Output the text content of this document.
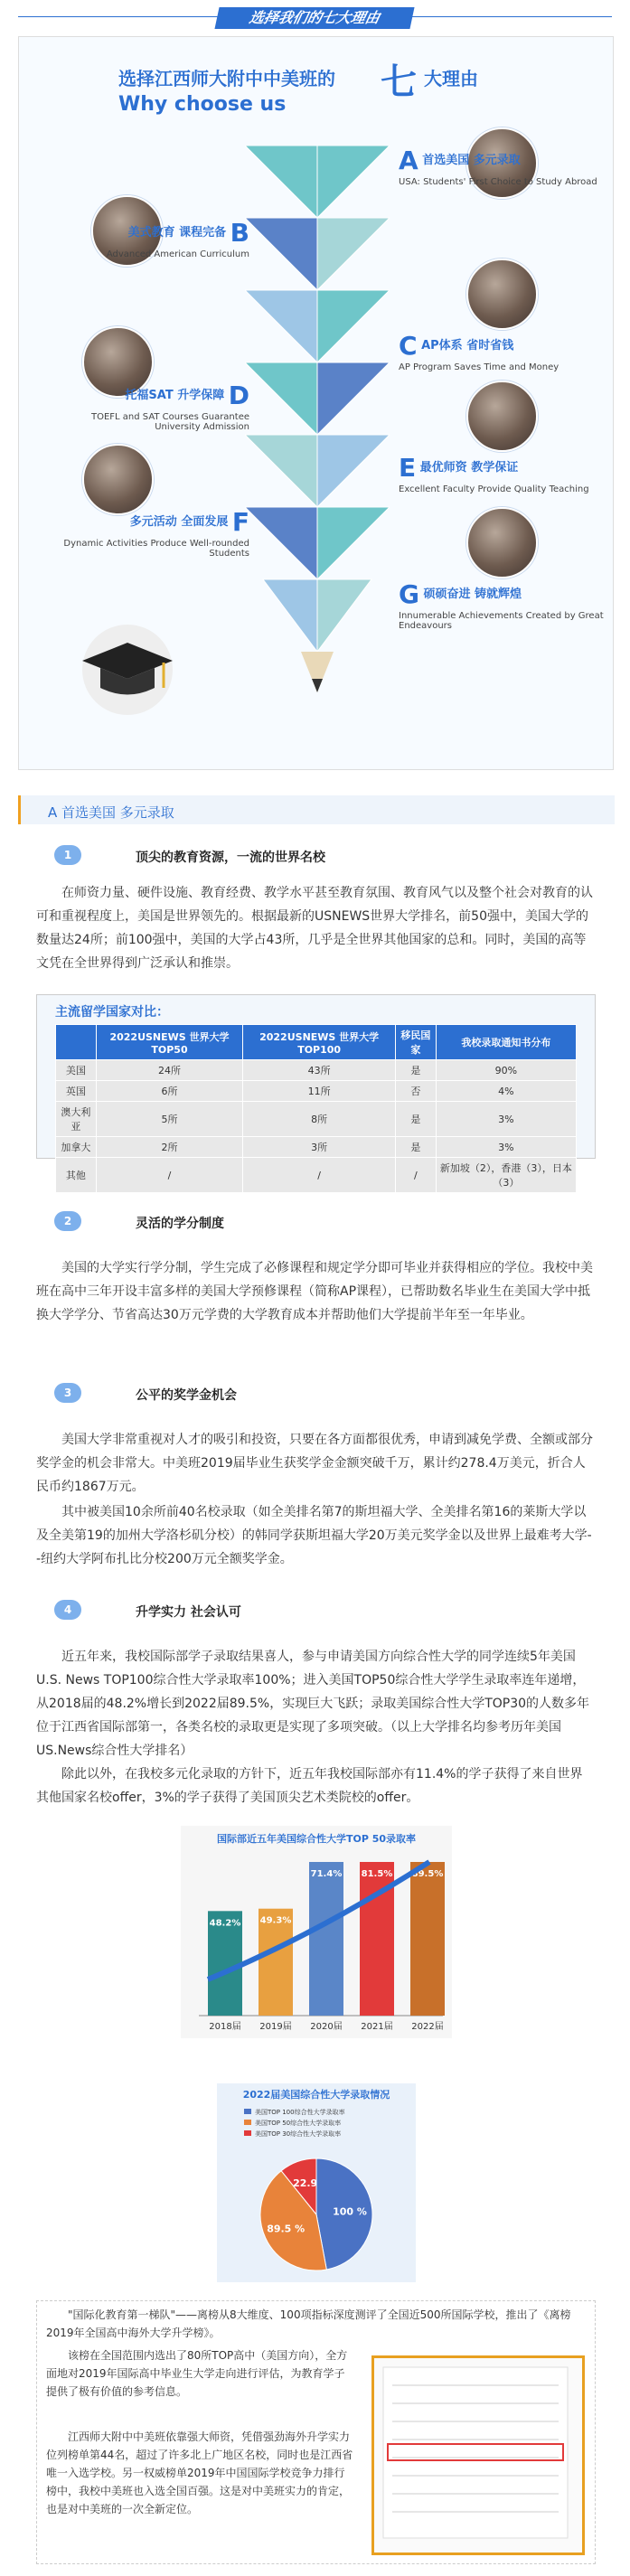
选择我们的七大理由
选择江西师大附中中美班的 七 大理由
Why choose us
A 首选美国 多元录取
USA: Students' First Choice to Study Abroad
美式教育 课程完备 B
Advanced American Curriculum
C AP体系 省时省钱
AP Program Saves Time and Money
托福SAT 升学保障 D
TOEFL and SAT Courses Guarantee University Admission
E 最优师资 教学保证
Excellent Faculty Provide Quality Teaching
多元活动 全面发展 F
Dynamic Activities Produce Well-rounded Students
G 硕硕奋进 铸就辉煌
Innumerable Achievements Created by Great Endeavours
A 首选美国 多元录取
1	顶尖的教育资源，一流的世界名校
在师资力量、硬件设施、教育经费、教学水平甚至教育氛围、教育风气以及整个社会对教育的认可和重视程度上，美国是世界领先的。根据最新的USNEWS世界大学排名，前50强中，美国大学的数量达24所；前100强中，美国的大学占43所，几乎是全世界其他国家的总和。同时，美国的高等文凭在全世界得到广泛承认和推崇。
主流留学国家对比：
	2022USNEWS 世界大学TOP50	2022USNEWS 世界大学TOP100	移民国家	我校录取通知书分布
美国	24所	43所	是	90%
英国	6所	11所	否	4%
澳大利亚	5所	8所	是	3%
加拿大	2所	3所	是	3%
其他	/	/	/	新加坡（2），香港（3），日本（3）
2	灵活的学分制度
美国的大学实行学分制，学生完成了必修课程和规定学分即可毕业并获得相应的学位。我校中美班在高中三年开设丰富多样的美国大学预修课程（简称AP课程），已帮助数名毕业生在美国大学中抵换大学学分、节省高达30万元学费的大学教育成本并帮助他们大学提前半年至一年毕业。
3	公平的奖学金机会
美国大学非常重视对人才的吸引和投资，只要在各方面都很优秀，申请到减免学费、全额或部分奖学金的机会非常大。中美班2019届毕业生获奖学金金额突破千万，累计约278.4万美元，折合人民币约1867万元。
其中被美国10余所前40名校录取（如全美排名第7的斯坦福大学、全美排名第16的莱斯大学以及全美第19的加州大学洛杉矶分校）的韩同学获斯坦福大学20万美元奖学金以及世界上最难考大学--纽约大学阿布扎比分校200万元全额奖学金。
4	升学实力 社会认可
近五年来，我校国际部学子录取结果喜人，参与申请美国方向综合性大学的同学连续5年美国U.S. News TOP100综合性大学录取率100%；进入美国TOP50综合性大学学生录取率连年递增，从2018届的48.2%增长到2022届89.5%，实现巨大飞跃；录取美国综合性大学TOP30的人数多年位于江西省国际部第一，各类名校的录取更是实现了多项突破。（以上大学排名均参考历年美国US.News综合性大学排名）
除此以外，在我校多元化录取的方针下，近五年我校国际部亦有11.4%的学子获得了来自世界其他国家名校offer，3%的学子获得了美国顶尖艺术类院校的offer。
国际部近五年美国综合性大学TOP 50录取率
48.2%
2018届
49.3%
2019届
71.4%
2020届
81.5%
2021届
89.5%
2022届
2022届美国综合性大学录取情况
美国TOP 100综合性大学录取率
美国TOP 50综合性大学录取率
美国TOP 30综合性大学录取率
100 %
89.5 %
22.9
"国际化教育第一梯队"——离榜从8大维度、100项指标深度测评了全国近500所国际学校，推出了《离榜2019年全国高中海外大学升学榜》。
该榜在全国范围内选出了80所TOP高中（美国方向），全方面地对2019年国际高中毕业生大学走向进行评估，为教育学子提供了极有价值的参考信息。
江西师大附中中美班依靠强大师资，凭借强劲海外升学实力位列榜单第44名，超过了许多北上广地区名校，同时也是江西省唯一入选学校。另一权威榜单2019年中国国际学校竞争力排行榜中，我校中美班也入选全国百强。这是对中美班实力的肯定，也是对中美班的一次全新定位。
